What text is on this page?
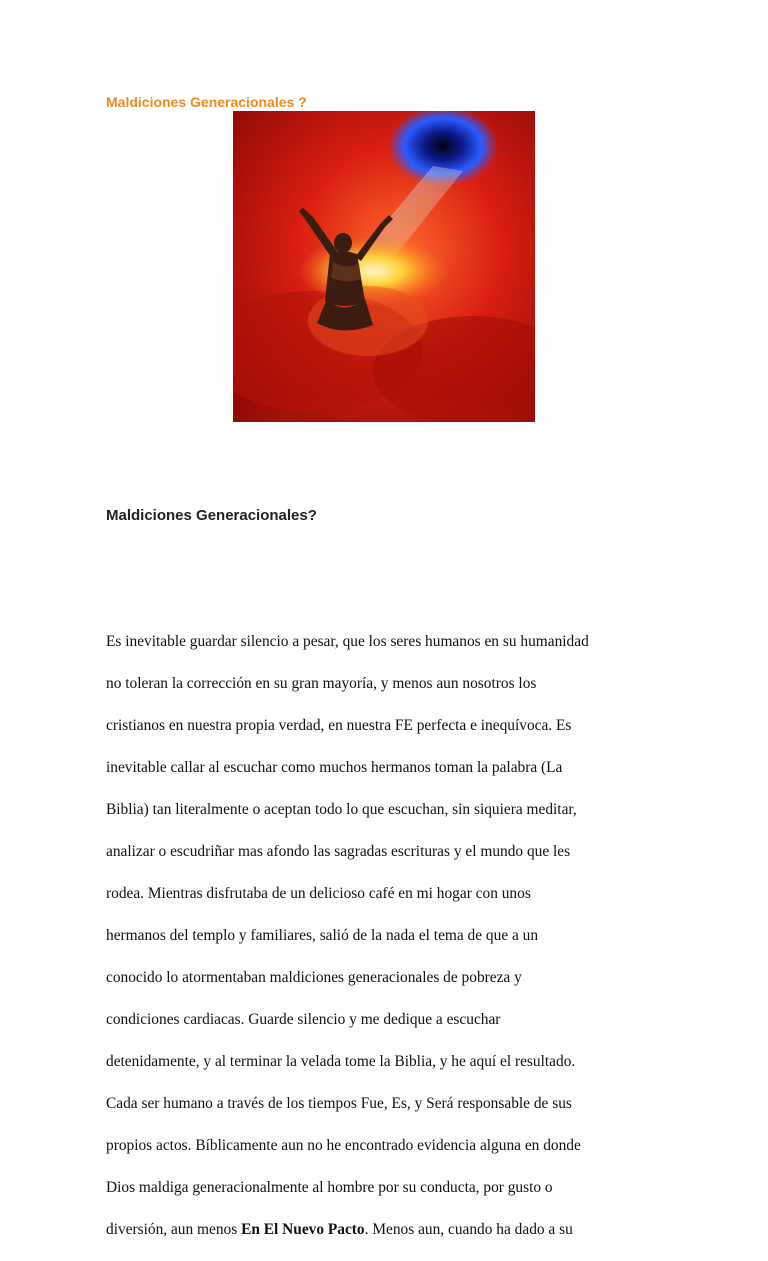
Maldiciones Generacionales ?
Maldiciones Generacionales?

Es inevitable guardar silencio a pesar, que los seres humanos en su humanidad

no toleran la corrección en su gran mayoría, y menos aun nosotros los

cristianos en nuestra propia verdad, en nuestra FE perfecta e inequívoca. Es

inevitable callar al escuchar como muchos hermanos toman la palabra (La

Biblia) tan literalmente o aceptan todo lo que escuchan, sin siquiera meditar,

analizar o escudriñar mas afondo las sagradas escrituras y el mundo que les

rodea. Mientras disfrutaba de un delicioso café en mi hogar con unos

hermanos del templo y familiares, salió de la nada el tema de que a un

conocido lo atormentaban maldiciones generacionales de pobreza y

condiciones cardiacas. Guarde silencio y me dedique a escuchar

detenidamente, y al terminar la velada tome la Biblia, y he aquí el resultado.

Cada ser humano a través de los tiempos Fue, Es, y Será responsable de sus

propios actos. Bíblicamente aun no he encontrado evidencia alguna en donde

Dios maldiga generacionalmente al hombre por su conducta, por gusto o

diversión, aun menos En El Nuevo Pacto. Menos aun, cuando ha dado a su
